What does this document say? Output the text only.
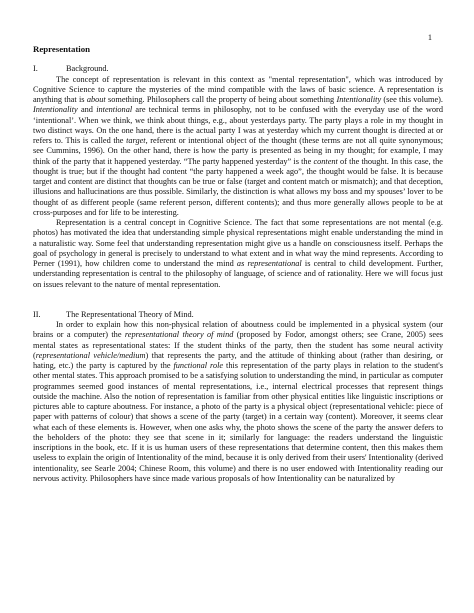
1
Representation
I.	Background.

The concept of representation is relevant in this context as "mental representation", which was introduced by Cognitive Science to capture the mysteries of the mind compatible with the laws of basic science. A representation is anything that is about something. Philosophers call the property of being about something Intentionality (see this volume). Intentionality and intentional are technical terms in philosophy, not to be confused with the everyday use of the word ‘intentional’. When we think, we think about things, e.g., about yesterdays party. The party plays a role in my thought in two distinct ways. On the one hand, there is the actual party I was at yesterday which my current thought is directed at or refers to. This is called the target, referent or intentional object of the thought (these terms are not all quite synonymous; see Cummins, 1996). On the other hand, there is how the party is presented as being in my thought; for example, I may think of the party that it happened yesterday. “The party happened yesterday” is the content of the thought. In this case, the thought is true; but if the thought had content “the party happened a week ago”, the thought would be false. It is because target and content are distinct that thoughts can be true or false (target and content match or mismatch); and that deception, illusions and hallucinations are thus possible. Similarly, the distinction is what allows my boss and my spouses’ lover to be thought of as different people (same referent person, different contents); and thus more generally allows people to be at cross-purposes and for life to be interesting.

Representation is a central concept in Cognitive Science. The fact that some representations are not mental (e.g. photos) has motivated the idea that understanding simple physical representations might enable understanding the mind in a naturalistic way. Some feel that understanding representation might give us a handle on consciousness itself. Perhaps the goal of psychology in general is precisely to understand to what extent and in what way the mind represents. According to Perner (1991), how children come to understand the mind as representational is central to child development. Further, understanding representation is central to the philosophy of language, of science and of rationality. Here we will focus just on issues relevant to the nature of mental representation.

II.	The Representational Theory of Mind.

In order to explain how this non-physical relation of aboutness could be implemented in a physical system (our brains or a computer) the representational theory of mind (proposed by Fodor, amongst others; see Crane, 2005) sees mental states as representational states: If the student thinks of the party, then the student has some neural activity (representational vehicle/medium) that represents the party, and the attitude of thinking about (rather than desiring, or hating, etc.) the party is captured by the functional role this representation of the party plays in relation to the student's other mental states. This approach promised to be a satisfying solution to understanding the mind, in particular as computer programmes seemed good instances of mental representations, i.e., internal electrical processes that represent things outside the machine. Also the notion of representation is familiar from other physical entities like linguistic inscriptions or pictures able to capture aboutness. For instance, a photo of the party is a physical object (representational vehicle: piece of paper with patterns of colour) that shows a scene of the party (target) in a certain way (content). Moreover, it seems clear what each of these elements is. However, when one asks why, the photo shows the scene of the party the answer defers to the beholders of the photo: they see that scene in it; similarly for language: the readers understand the linguistic inscriptions in the book, etc. If it is us human users of these representations that determine content, then this makes them useless to explain the origin of Intentionality of the mind, because it is only derived from their users' Intentionality (derived intentionality, see Searle 2004; Chinese Room, this volume) and there is no user endowed with Intentionality reading our nervous activity. Philosophers have since made various proposals of how Intentionality can be naturalized by
